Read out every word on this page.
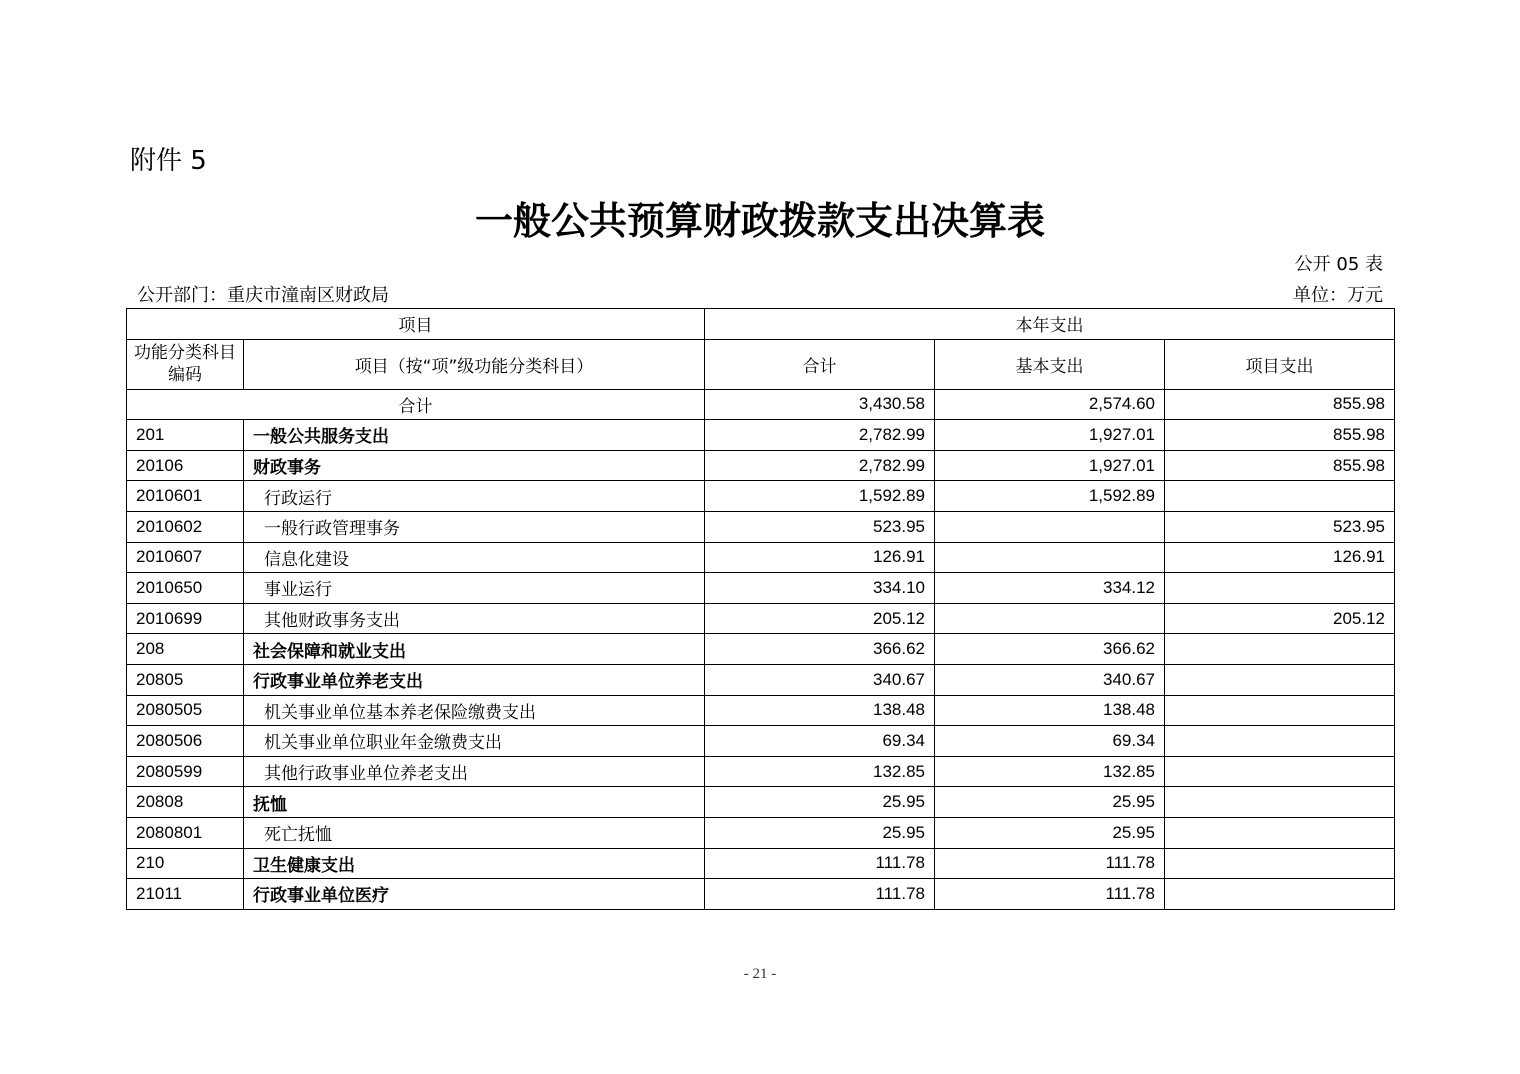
附件 5
一般公共预算财政拨款支出决算表
公开 05 表
公开部门：重庆市潼南区财政局	单位：万元
项目		本年支出		
功能分类科目编码	项目（按“项”级功能分类科目）	合计	基本支出	项目支出
合计		3,430.58	2,574.60	855.98
201	一般公共服务支出	2,782.99	1,927.01	855.98
20106	财政事务	2,782.99	1,927.01	855.98
2010601	行政运行	1,592.89	1,592.89	
2010602	一般行政管理事务	523.95		523.95
2010607	信息化建设	126.91		126.91
2010650	事业运行	334.10	334.12	
2010699	其他财政事务支出	205.12		205.12
208	社会保障和就业支出	366.62	366.62	
20805	行政事业单位养老支出	340.67	340.67	
2080505	机关事业单位基本养老保险缴费支出	138.48	138.48	
2080506	机关事业单位职业年金缴费支出	69.34	69.34	
2080599	其他行政事业单位养老支出	132.85	132.85	
20808	抚恤	25.95	25.95	
2080801	死亡抚恤	25.95	25.95	
210	卫生健康支出	111.78	111.78	
21011	行政事业单位医疗	111.78	111.78	
- 21 -
